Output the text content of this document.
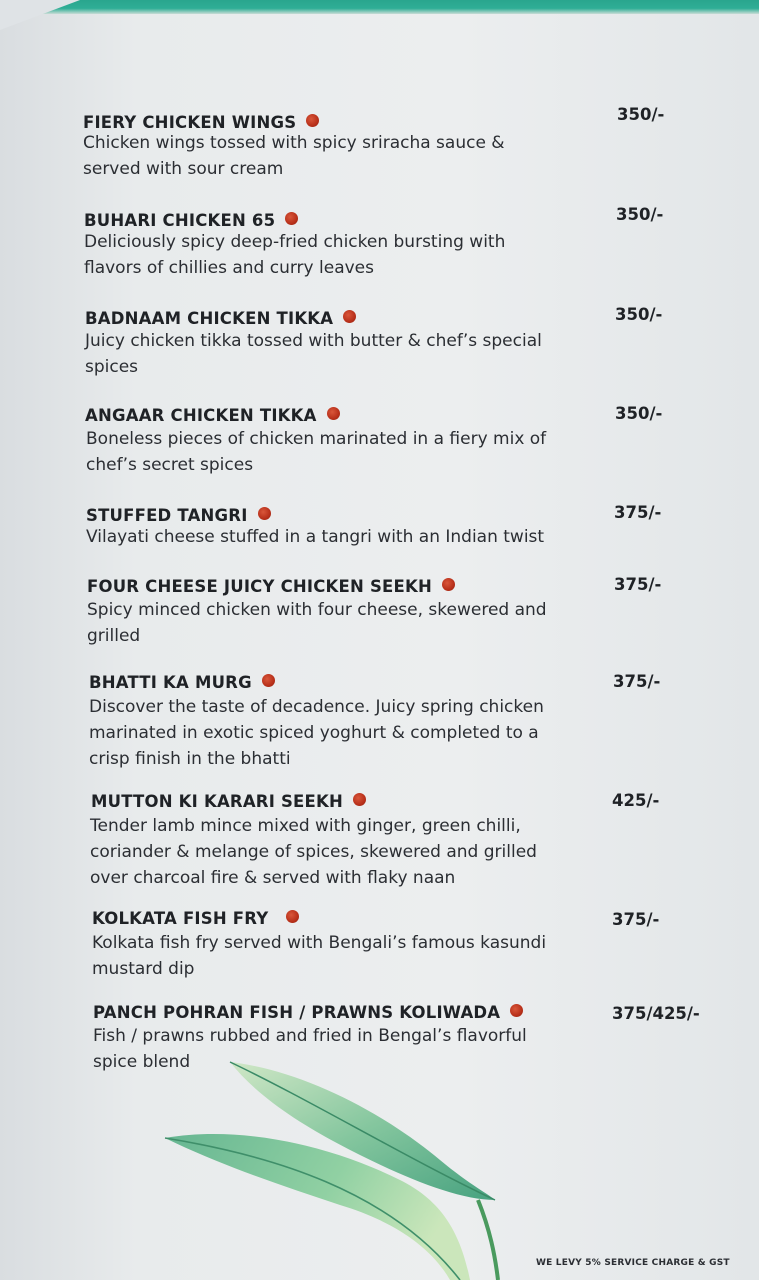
FIERY CHICKEN WINGS
Chicken wings tossed with spicy sriracha sauce &
served with sour cream
350/-
BUHARI CHICKEN 65
Deliciously spicy deep-fried chicken bursting with
flavors of chillies and curry leaves
350/-
BADNAAM CHICKEN TIKKA
Juicy chicken tikka tossed with butter & chef’s special
spices
350/-
ANGAAR CHICKEN TIKKA
Boneless pieces of chicken marinated in a fiery mix of
chef’s secret spices
350/-
STUFFED TANGRI
Vilayati cheese stuffed in a tangri with an Indian twist
375/-
FOUR CHEESE JUICY CHICKEN SEEKH
Spicy minced chicken with four cheese, skewered and
grilled
375/-
BHATTI KA MURG
Discover the taste of decadence. Juicy spring chicken
marinated in exotic spiced yoghurt & completed to a
crisp finish in the bhatti
375/-
MUTTON KI KARARI SEEKH
Tender lamb mince mixed with ginger, green chilli,
coriander & melange of spices, skewered and grilled
over charcoal fire & served with flaky naan
425/-
KOLKATA FISH FRY
Kolkata fish fry served with Bengali’s famous kasundi
mustard dip
375/-
PANCH POHRAN FISH / PRAWNS KOLIWADA
Fish / prawns rubbed and fried in Bengal’s flavorful
spice blend
375/425/-
WE LEVY 5% SERVICE CHARGE & GST
